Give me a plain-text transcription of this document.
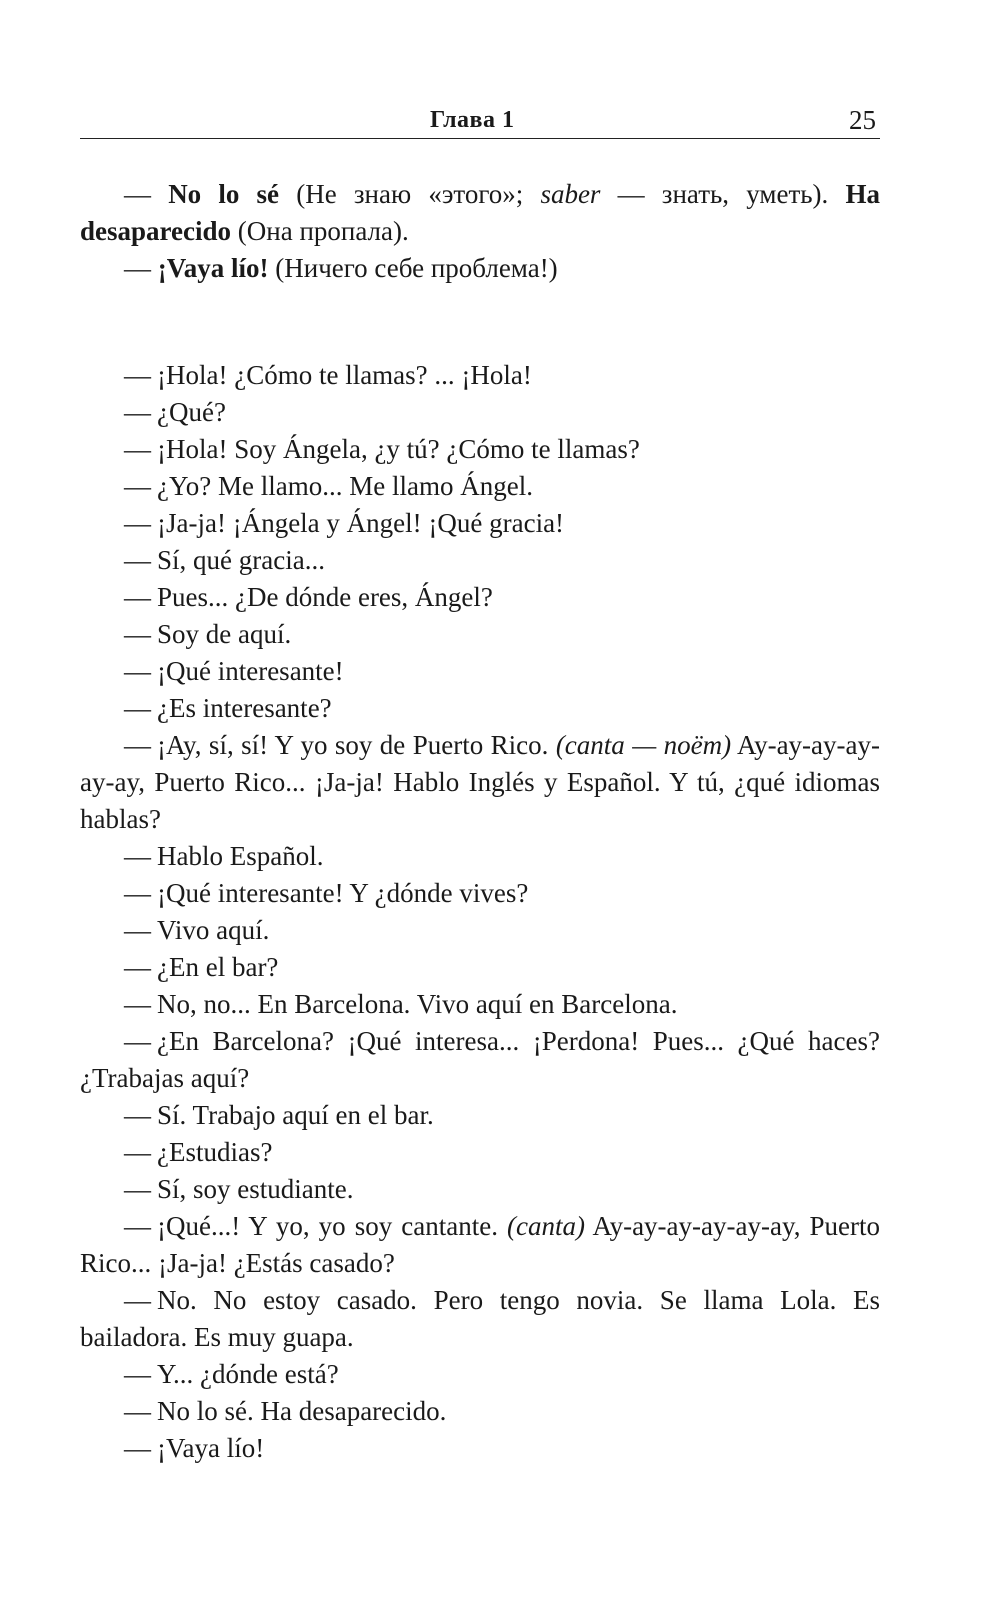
Глава 1	25

— No lo sé (Не знаю «этого»; saber — знать, уметь). Ha desaparecido (Она пропала).

— ¡Vaya lío! (Ничего себе проблема!)

— ¡Hola! ¿Cómo te llamas? ... ¡Hola!

— ¿Qué?

— ¡Hola! Soy Ángela, ¿y tú? ¿Cómo te llamas?

— ¿Yo? Me llamo... Me llamo Ángel.

— ¡Ja-ja! ¡Ángela y Ángel! ¡Qué gracia!

— Sí, qué gracia...

— Pues... ¿De dónde eres, Ángel?

— Soy de aquí.

— ¡Qué interesante!

— ¿Es interesante?

— ¡Ay, sí, sí! Y yo soy de Puerto Rico. (canta — поёт) Ay-ay-ay-ay-ay-ay, Puerto Rico... ¡Ja-ja! Hablo Inglés y Español. Y tú, ¿qué idiomas hablas?

— Hablo Español.

— ¡Qué interesante! Y ¿dónde vives?

— Vivo aquí.

— ¿En el bar?

— No, no... En Barcelona. Vivo aquí en Barcelona.

— ¿En Barcelona? ¡Qué interesa... ¡Perdona! Pues... ¿Qué haces? ¿Trabajas aquí?

— Sí. Trabajo aquí en el bar.

— ¿Estudias?

— Sí, soy estudiante.

— ¡Qué...! Y yo, yo soy cantante. (canta) Ay-ay-ay-ay-ay-ay, Puerto Rico... ¡Ja-ja! ¿Estás casado?

— No. No estoy casado. Pero tengo novia. Se llama Lola. Es bailadora. Es muy guapa.

— Y... ¿dónde está?

— No lo sé. Ha desaparecido.

— ¡Vaya lío!
